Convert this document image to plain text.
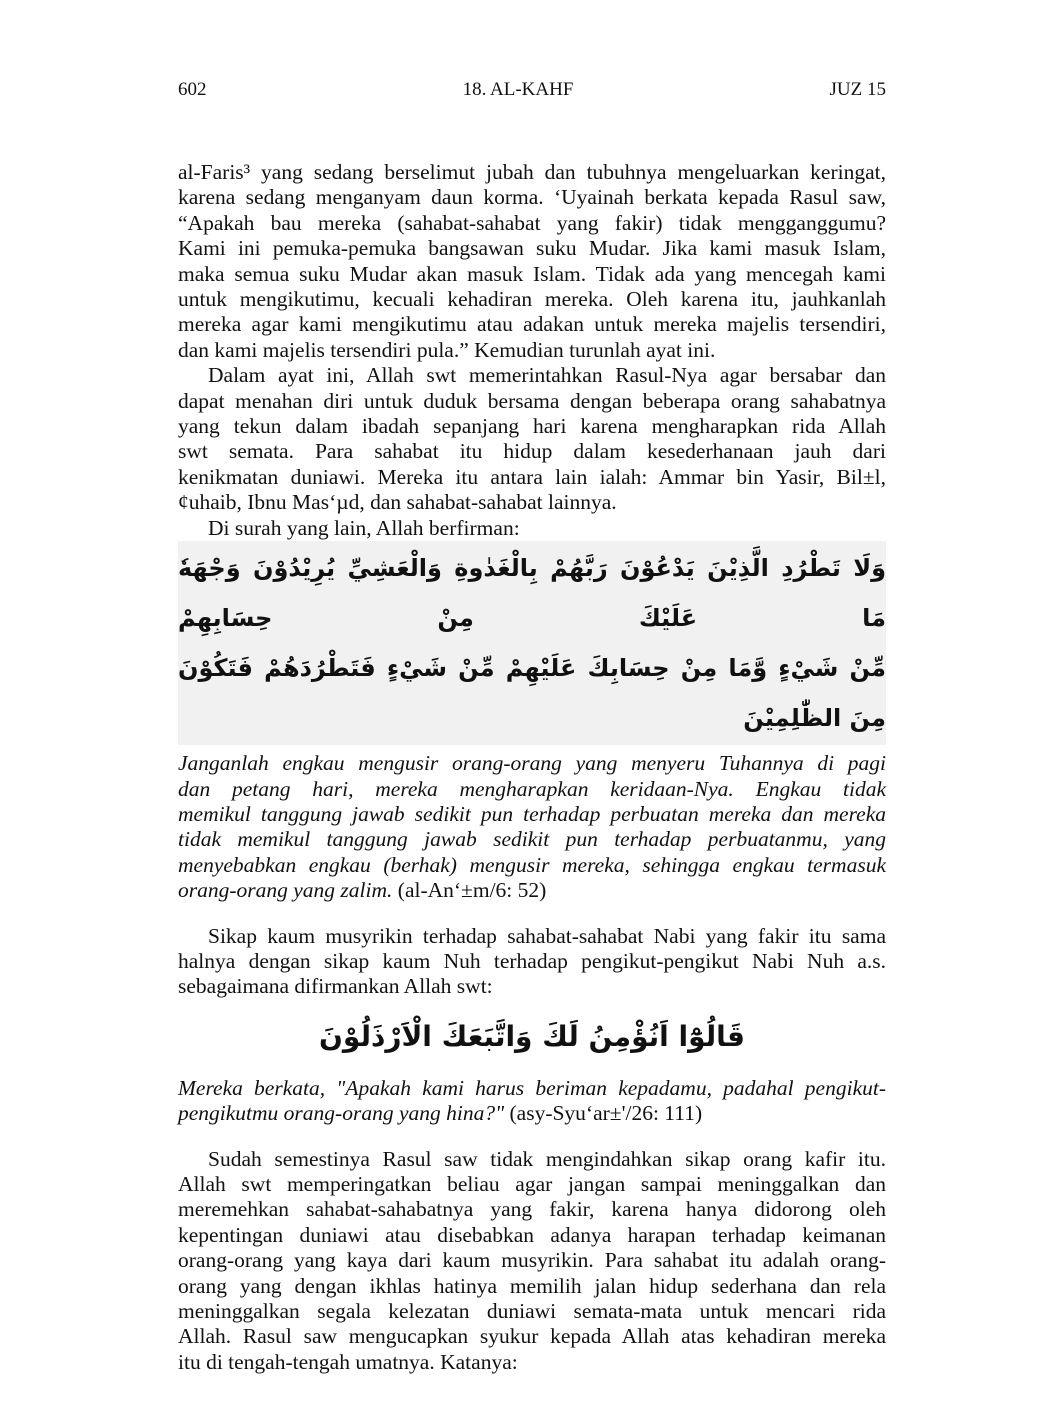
602	18. AL-KAHF	JUZ 15
al-Faris³ yang sedang berselimut jubah dan tubuhnya mengeluarkan keringat,
karena sedang menganyam daun korma. ‘Uyainah berkata kepada Rasul saw,
“Apakah bau mereka (sahabat-sahabat yang fakir) tidak mengganggumu?
Kami ini pemuka-pemuka bangsawan suku Mudar. Jika kami masuk Islam,
maka semua suku Mudar akan masuk Islam. Tidak ada yang mencegah kami
untuk mengikutimu, kecuali kehadiran mereka. Oleh karena itu, jauhkanlah
mereka agar kami mengikutimu atau adakan untuk mereka majelis tersendiri,
dan kami majelis tersendiri pula.” Kemudian turunlah ayat ini.
Dalam ayat ini, Allah swt memerintahkan Rasul-Nya agar bersabar dan
dapat menahan diri untuk duduk bersama dengan beberapa orang sahabatnya
yang tekun dalam ibadah sepanjang hari karena mengharapkan rida Allah
swt semata. Para sahabat itu hidup dalam kesederhanaan jauh dari
kenikmatan duniawi. Mereka itu antara lain ialah: Ammar bin Yasir, Bil±l,
¢uhaib, Ibnu Mas‘µd, dan sahabat-sahabat lainnya.
Di surah yang lain, Allah berfirman:
وَلَا تَطْرُدِ الَّذِيْنَ يَدْعُوْنَ رَبَّهُمْ بِالْغَدٰوةِ وَالْعَشِيِّ يُرِيْدُوْنَ وَجْهَهٗ مَا عَلَيْكَ مِنْ حِسَابِهِمْ
مِّنْ شَيْءٍ وَّمَا مِنْ حِسَابِكَ عَلَيْهِمْ مِّنْ شَيْءٍ فَتَطْرُدَهُمْ فَتَكُوْنَ مِنَ الظّٰلِمِيْنَ
Janganlah engkau mengusir orang-orang yang menyeru Tuhannya di pagi
dan petang hari, mereka mengharapkan keridaan-Nya. Engkau tidak
memikul tanggung jawab sedikit pun terhadap perbuatan mereka dan mereka
tidak memikul tanggung jawab sedikit pun terhadap perbuatanmu, yang
menyebabkan engkau (berhak) mengusir mereka, sehingga engkau termasuk
orang-orang yang zalim. (al-An‘±m/6: 52)
Sikap kaum musyrikin terhadap sahabat-sahabat Nabi yang fakir itu sama
halnya dengan sikap kaum Nuh terhadap pengikut-pengikut Nabi Nuh a.s.
sebagaimana difirmankan Allah swt:
قَالُوْٓا اَنُؤْمِنُ لَكَ وَاتَّبَعَكَ الْاَرْذَلُوْنَ
Mereka berkata, "Apakah kami harus beriman kepadamu, padahal pengikut-
pengikutmu orang-orang yang hina?" (asy-Syu‘ar±'/26: 111)
Sudah semestinya Rasul saw tidak mengindahkan sikap orang kafir itu.
Allah swt memperingatkan beliau agar jangan sampai meninggalkan dan
meremehkan sahabat-sahabatnya yang fakir, karena hanya didorong oleh
kepentingan duniawi atau disebabkan adanya harapan terhadap keimanan
orang-orang yang kaya dari kaum musyrikin. Para sahabat itu adalah orang-
orang yang dengan ikhlas hatinya memilih jalan hidup sederhana dan rela
meninggalkan segala kelezatan duniawi semata-mata untuk mencari rida
Allah. Rasul saw mengucapkan syukur kepada Allah atas kehadiran mereka
itu di tengah-tengah umatnya. Katanya:
